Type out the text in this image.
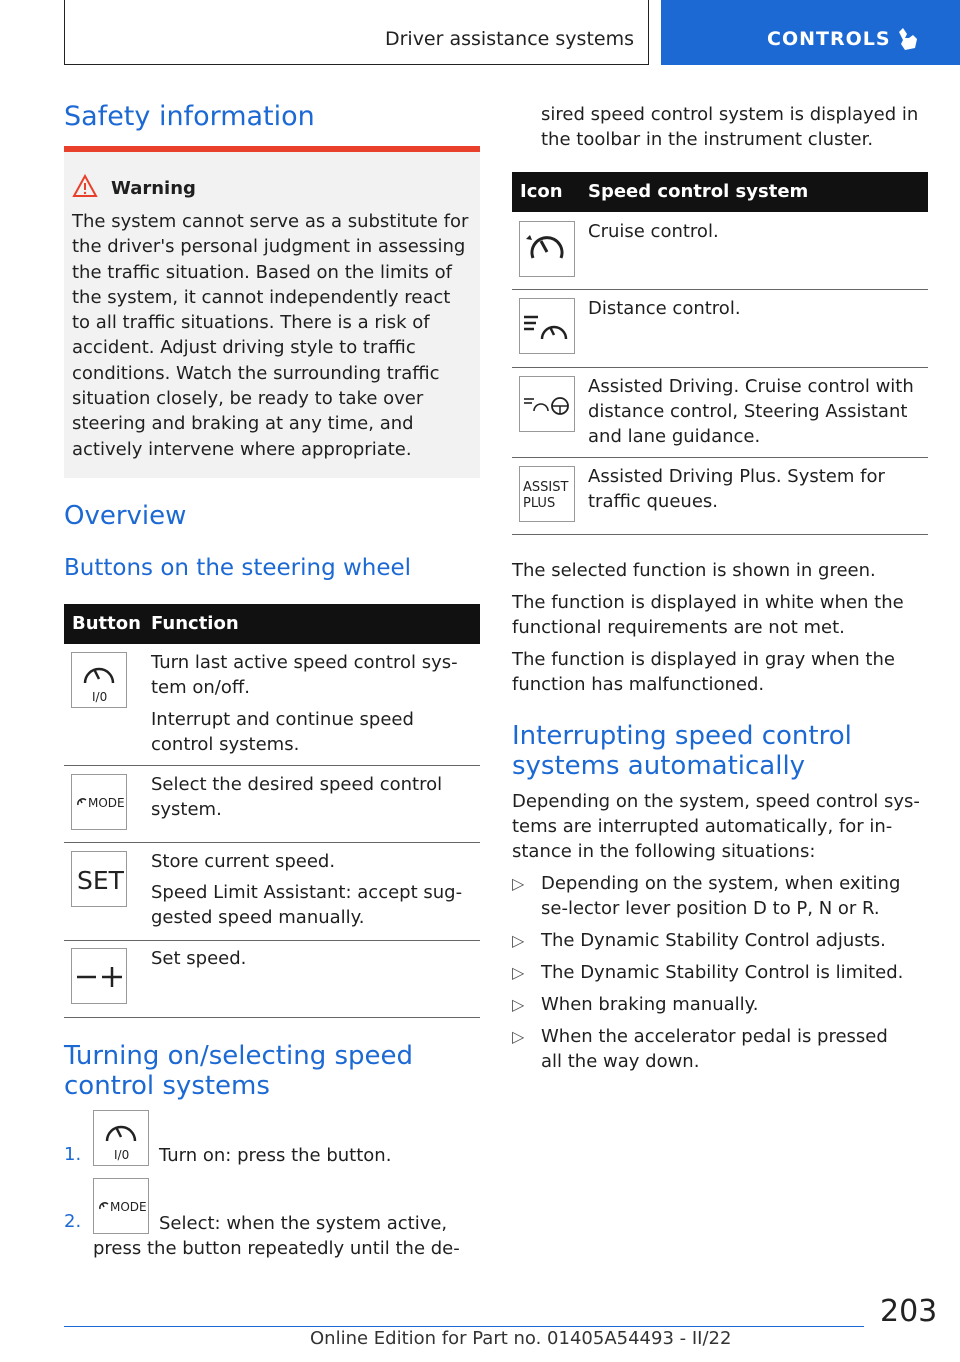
Driver assistance systems	CONTROLS
Safety information
Warning
The system cannot serve as a substitute for the driver's personal judgment in assessing the traffic situation. Based on the limits of the system, it cannot independently react to all traffic situations. There is a risk of accident. Adjust driving style to traffic conditions. Watch the surrounding traffic situation closely, be ready to take over steering and braking at any time, and actively intervene where appropriate.
Overview
Buttons on the steering wheel
Button Function
I/0
Turn last active speed control sys-tem on/off.
Interrupt and continue speed control systems.
MODE
Select the desired speed control system.
SET
Store current speed.
Speed Limit Assistant: accept sug-gested speed manually.
Set speed.
Turning on/selecting speed control systems
1.	I/0 Turn on: press the button.
2.
MODE
Select: when the system active,
press the button repeatedly until the de-
sired speed control system is displayed in the toolbar in the instrument cluster.
Icon Speed control system
Cruise control.
Distance control.
Assisted Driving. Cruise control with distance control, Steering Assistant and lane guidance.
ASSIST
PLUS
Assisted Driving Plus. System for traffic queues.
The selected function is shown in green.
The function is displayed in white when the functional requirements are not met.
The function is displayed in gray when the function has malfunctioned.
Interrupting speed control systems automatically
Depending on the system, speed control sys-tems are interrupted automatically, for in-stance in the following situations:
▷ Depending on the system, when exiting se-lector lever position D to P, N or R.
▷ The Dynamic Stability Control adjusts.
▷ The Dynamic Stability Control is limited.
▷ When braking manually.
▷ When the accelerator pedal is pressed all the way down.
203
Online Edition for Part no. 01405A54493 - II/22
